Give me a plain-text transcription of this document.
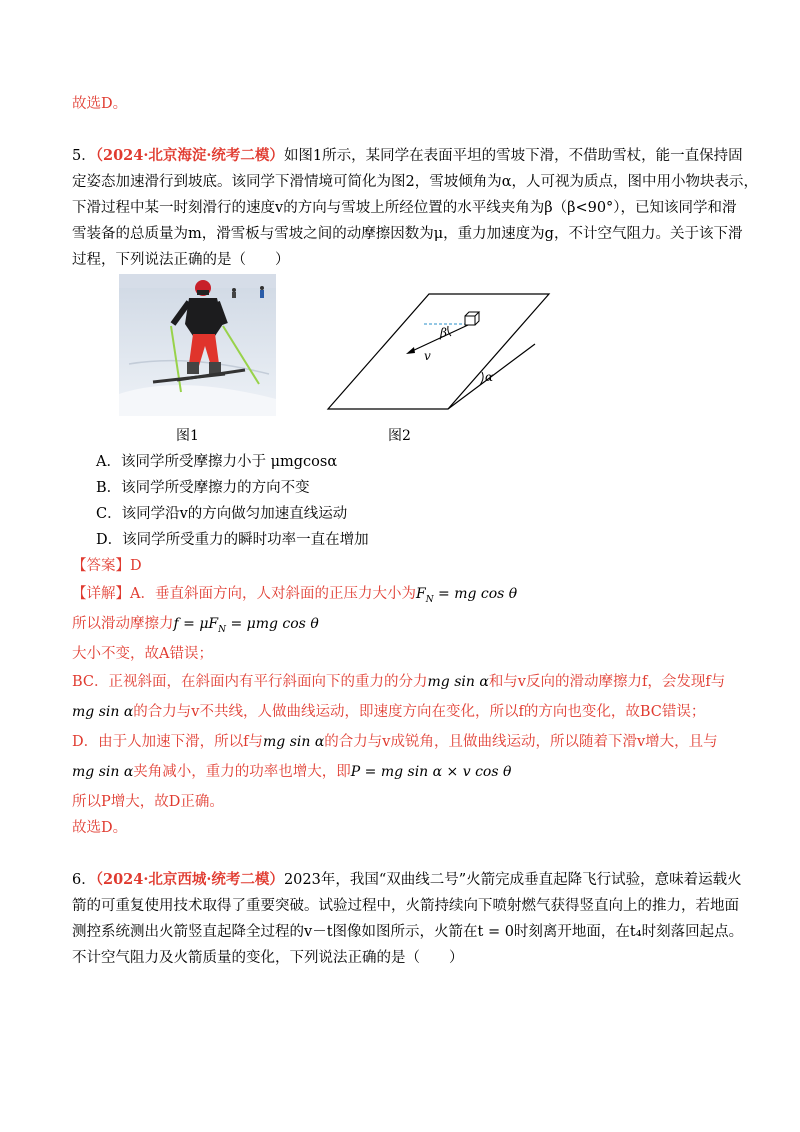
故选D。
5．（2024·北京海淀·统考二模）如图1所示，某同学在表面平坦的雪坡下滑，不借助雪杖，能一直保持固
定姿态加速滑行到坡底。该同学下滑情境可简化为图2，雪坡倾角为α，人可视为质点，图中用小物块表示，
下滑过程中某一时刻滑行的速度v的方向与雪坡上所经位置的水平线夹角为β（β<90°），已知该同学和滑
雪装备的总质量为m，滑雪板与雪坡之间的动摩擦因数为μ，重力加速度为g，不计空气阻力。关于该下滑
过程，下列说法正确的是（　　）
图1
α
β
v
图2
A．该同学所受摩擦力小于 μmgcosα
B．该同学所受摩擦力的方向不变
C．该同学沿v的方向做匀加速直线运动
D．该同学所受重力的瞬时功率一直在增加
【答案】D
【详解】A．垂直斜面方向，人对斜面的正压力大小为$F_N$ = mg cos θ
所以滑动摩擦力$f = \mu F_N = \mu mg$ cos θ
大小不变，故A错误；
BC．正视斜面，在斜面内有平行斜面向下的重力的分力mg sin α和与v反向的滑动摩擦力f，会发现f与
mg sin α的合力与v不共线，人做曲线运动，即速度方向在变化，所以f的方向也变化，故BC错误；
D．由于人加速下滑，所以f与mg sin α的合力与v成锐角，且做曲线运动，所以随着下滑v增大，且与
mg sin α夹角减小，重力的功率也增大，即P = mg sin α × v cos θ
所以P增大，故D正确。
故选D。
6．（2024·北京西城·统考二模）2023年，我国“双曲线二号”火箭完成垂直起降飞行试验，意味着运载火
箭的可重复使用技术取得了重要突破。试验过程中，火箭持续向下喷射燃气获得竖直向上的推力，若地面
测控系统测出火箭竖直起降全过程的v－t图像如图所示，火箭在t = 0时刻离开地面，在t₄时刻落回起点。
不计空气阻力及火箭质量的变化，下列说法正确的是（　　）
